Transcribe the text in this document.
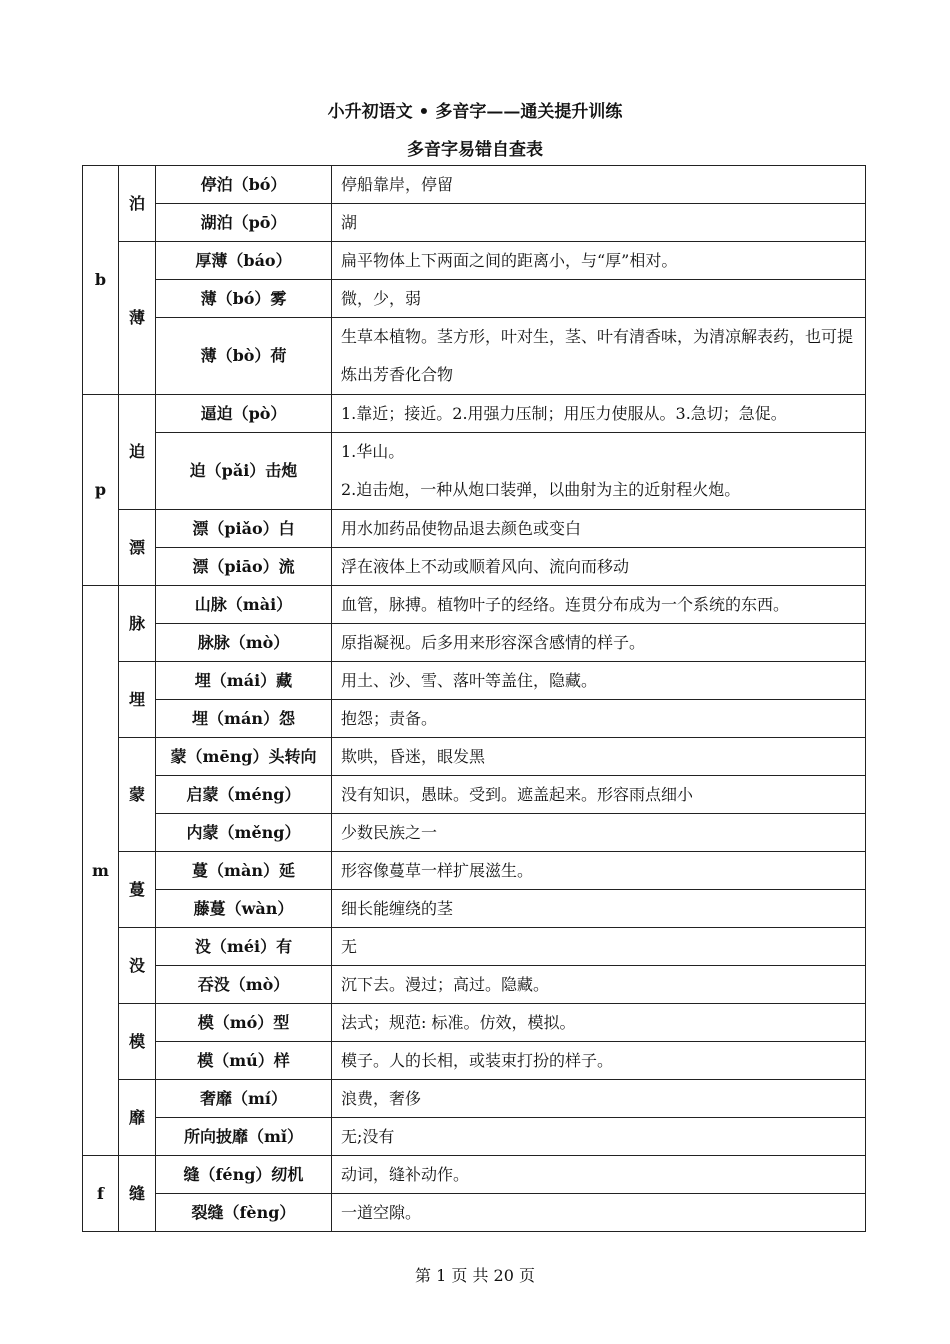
小升初语文 • 多音字——通关提升训练
多音字易错自查表
b	泊	停泊（bó）	停船靠岸，停留
		湖泊（pō）	湖
	薄	厚薄（báo）	扁平物体上下两面之间的距离小，与“厚”相对。
		薄（bó）雾	微，少，弱
		薄（bò）荷	生草本植物。茎方形，叶对生，茎、叶有清香味，为清凉解表药，也可提炼出芳香化合物
p	迫	逼迫（pò）	1.靠近；接近。2.用强力压制；用压力使服从。3.急切；急促。
		迫（pǎi）击炮	1.华山。
2.迫击炮，一种从炮口装弹，以曲射为主的近射程火炮。
	漂	漂（piǎo）白	用水加药品使物品退去颜色或变白
		漂（piāo）流	浮在液体上不动或顺着风向、流向而移动
m	脉	山脉（mài）	血管，脉搏。植物叶子的经络。连贯分布成为一个系统的东西。
		脉脉（mò）	原指凝视。后多用来形容深含感情的样子。
	埋	埋（mái）藏	用土、沙、雪、落叶等盖住，隐藏。
		埋（mán）怨	抱怨；责备。
	蒙	蒙（mēng）头转向	欺哄，昏迷，眼发黑
		启蒙（méng）	没有知识，愚昧。受到。遮盖起来。形容雨点细小
		内蒙（měng）	少数民族之一
	蔓	蔓（màn）延	形容像蔓草一样扩展滋生。
		藤蔓（wàn）	细长能缠绕的茎
	没	没（méi）有	无
		吞没（mò）	沉下去。漫过；高过。隐藏。
	模	模（mó）型	法式；规范: 标准。仿效，模拟。
		模（mú）样	模子。人的长相，或装束打扮的样子。
	靡	奢靡（mí）	浪费，奢侈
		所向披靡（mǐ）	无;没有
f	缝	缝（féng）纫机	动词，缝补动作。
		裂缝（fèng）	一道空隙。
第 1 页 共 20 页
